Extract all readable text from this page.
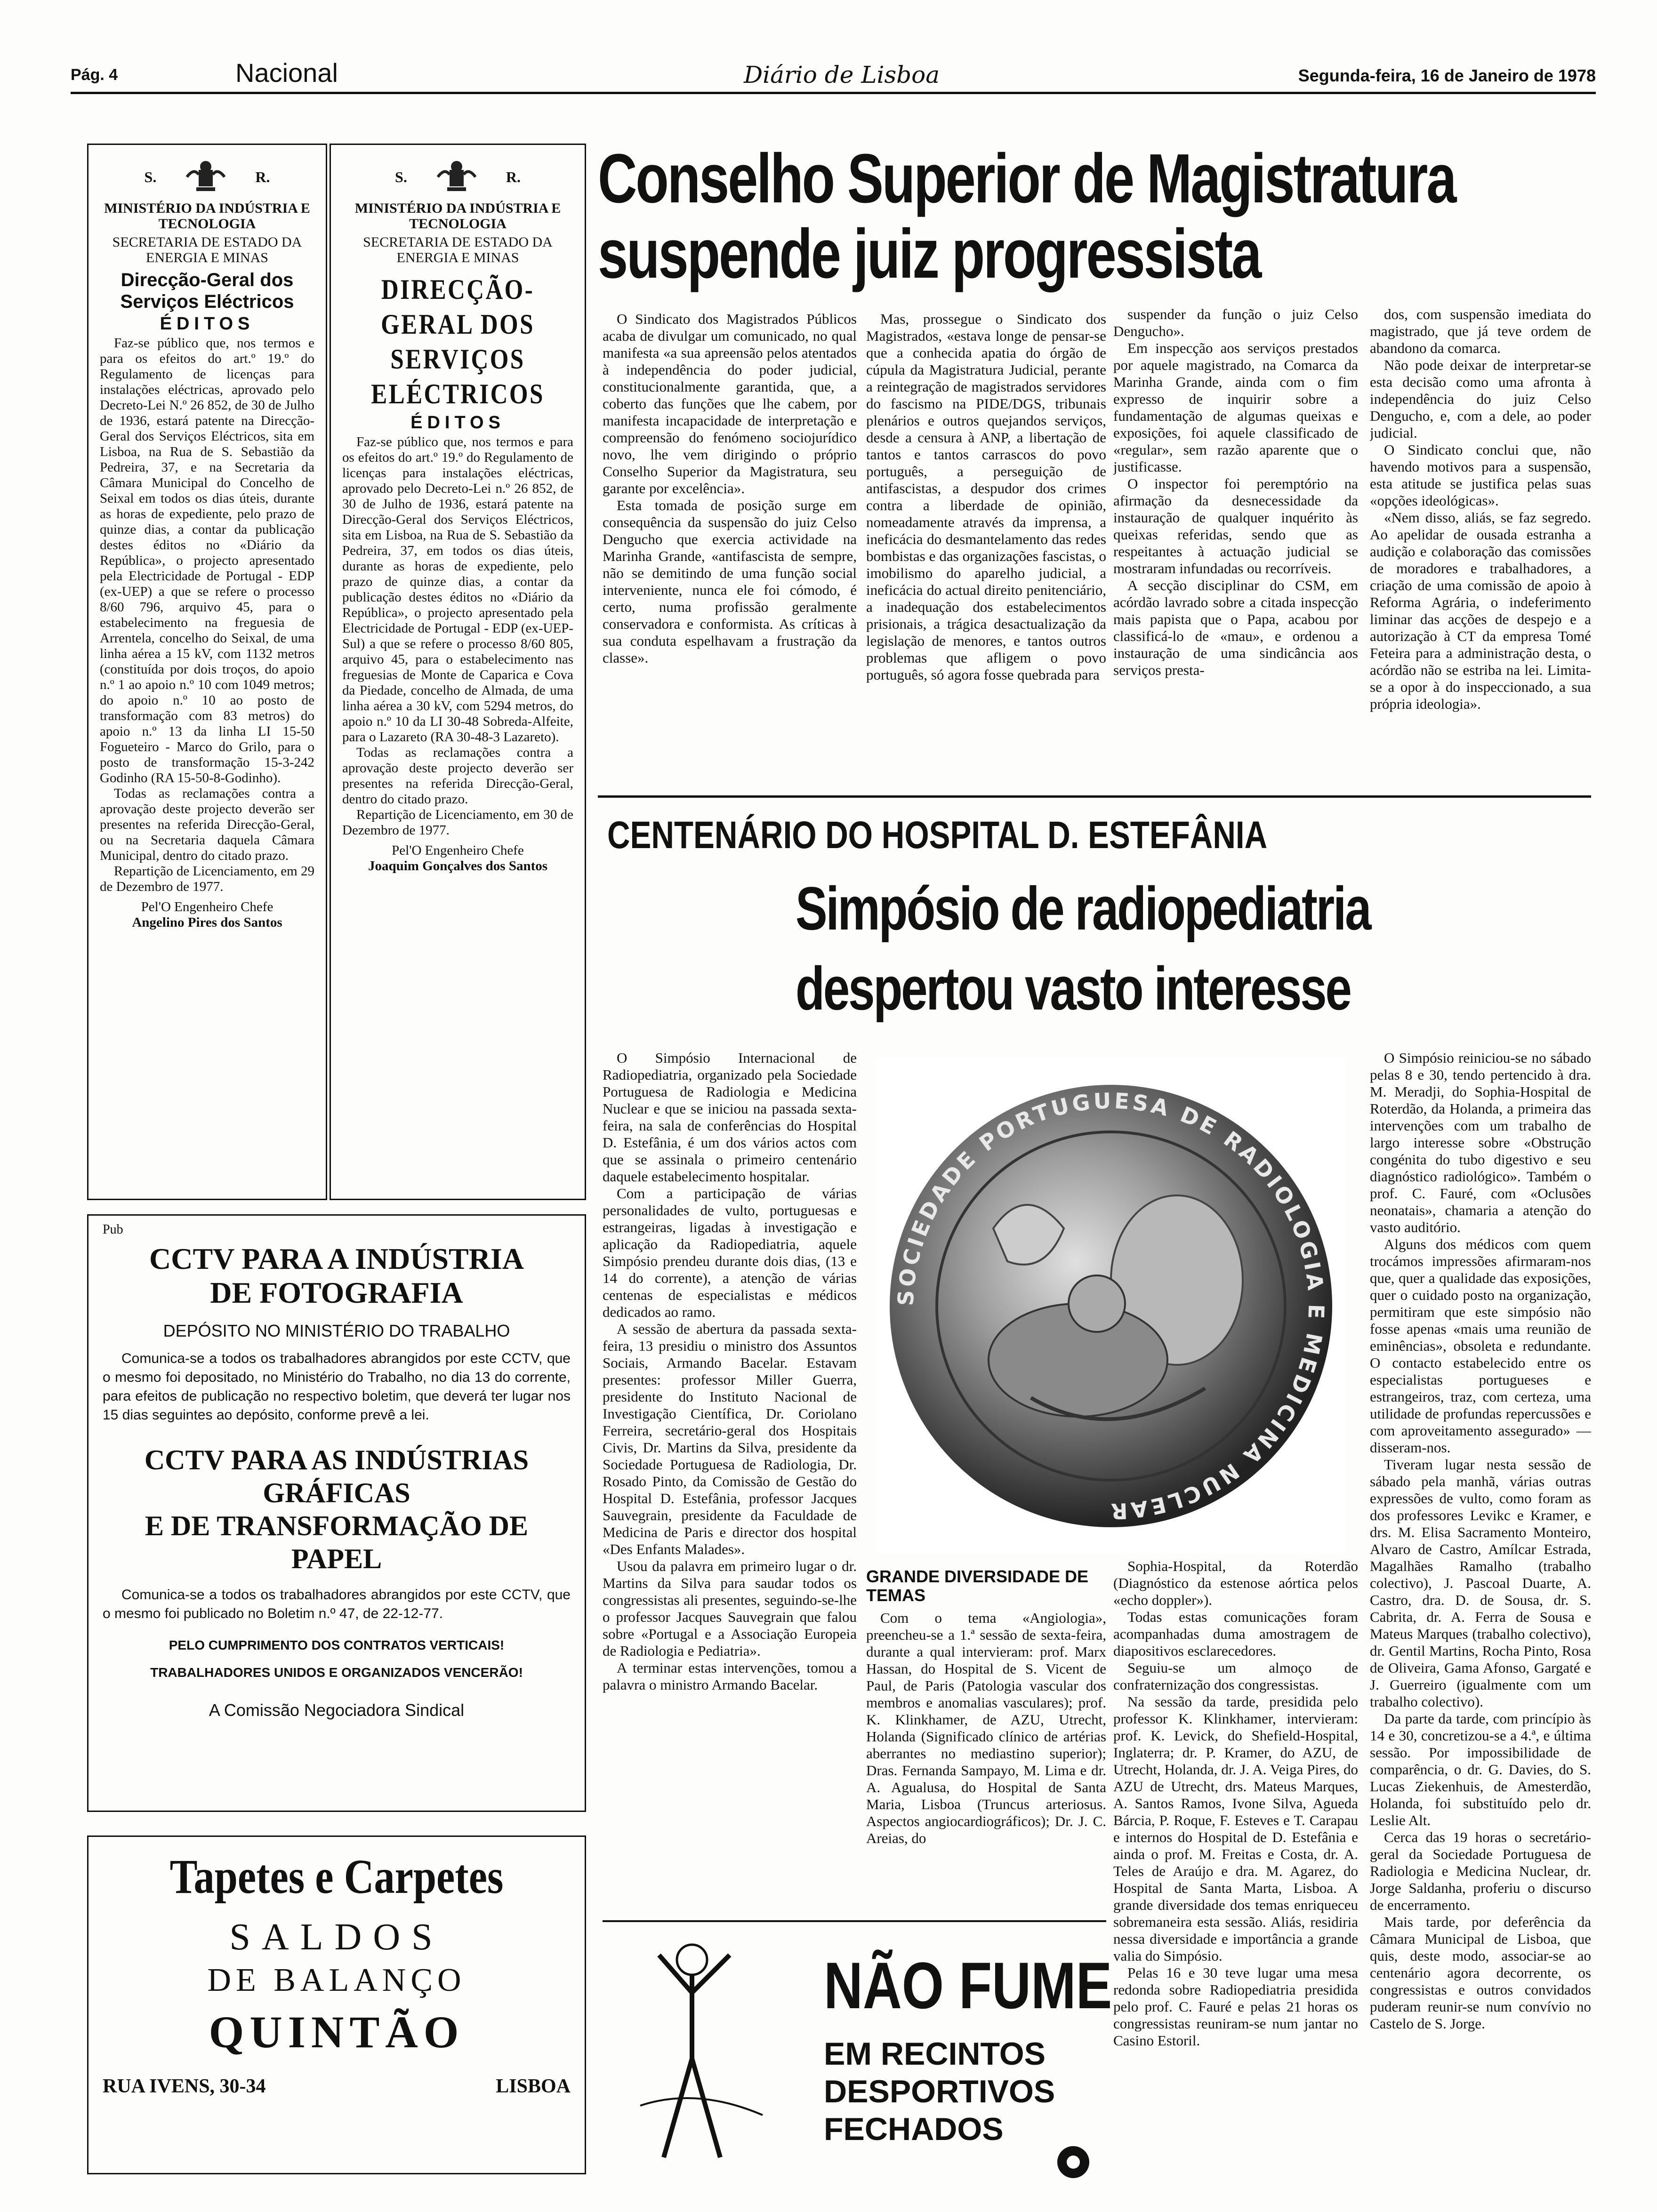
Pág. 4	Nacional	Diário de Lisboa	Segunda-feira, 16 de Janeiro de 1978
S.	R.
MINISTÉRIO DA INDÚSTRIA E TECNOLOGIA
SECRETARIA DE ESTADO DA ENERGIA E MINAS
Direcção-Geral dos Serviços Eléctricos
ÉDITOS

Faz-se público que, nos termos e para os efeitos do art.º 19.º do Regulamento de licenças para instalações eléctricas, aprovado pelo Decreto-Lei N.º 26 852, de 30 de Julho de 1936, estará patente na Direcção-Geral dos Serviços Eléctricos, sita em Lisboa, na Rua de S. Sebastião da Pedreira, 37, e na Secretaria da Câmara Municipal do Concelho de Seixal em todos os dias úteis, durante as horas de expediente, pelo prazo de quinze dias, a contar da publicação destes éditos no «Diário da República», o projecto apresentado pela Electricidade de Portugal - EDP (ex-UEP) a que se refere o processo 8/60 796, arquivo 45, para o estabelecimento na freguesia de Arrentela, concelho do Seixal, de uma linha aérea a 15 kV, com 1132 metros (constituída por dois troços, do apoio n.º 1 ao apoio n.º 10 com 1049 metros; do apoio n.º 10 ao posto de transformação com 83 metros) do apoio n.º 13 da linha LI 15-50 Fogueteiro - Marco do Grilo, para o posto de transformação 15-3-242 Godinho (RA 15-50-8-Godinho).

Todas as reclamações contra a aprovação deste projecto deverão ser presentes na referida Direcção-Geral, ou na Secretaria daquela Câmara Municipal, dentro do citado prazo.

Repartição de Licenciamento, em 29 de Dezembro de 1977.

Pel'O Engenheiro Chefe
Angelino Pires dos Santos
S.	R.
MINISTÉRIO DA INDÚSTRIA E TECNOLOGIA
SECRETARIA DE ESTADO DA ENERGIA E MINAS
DIRECÇÃO-GERAL DOS SERVIÇOS ELÉCTRICOS
ÉDITOS

Faz-se público que, nos termos e para os efeitos do art.º 19.º do Regulamento de licenças para instalações eléctricas, aprovado pelo Decreto-Lei n.º 26 852, de 30 de Julho de 1936, estará patente na Direcção-Geral dos Serviços Eléctricos, sita em Lisboa, na Rua de S. Sebastião da Pedreira, 37, em todos os dias úteis, durante as horas de expediente, pelo prazo de quinze dias, a contar da publicação destes éditos no «Diário da República», o projecto apresentado pela Electricidade de Portugal - EDP (ex-UEP-Sul) a que se refere o processo 8/60 805, arquivo 45, para o estabelecimento nas freguesias de Monte de Caparica e Cova da Piedade, concelho de Almada, de uma linha aérea a 30 kV, com 5294 metros, do apoio n.º 10 da LI 30-48 Sobreda-Alfeite, para o Lazareto (RA 30-48-3 Lazareto).

Todas as reclamações contra a aprovação deste projecto deverão ser presentes na referida Direcção-Geral, dentro do citado prazo.

Repartição de Licenciamento, em 30 de Dezembro de 1977.

Pel'O Engenheiro Chefe
Joaquim Gonçalves dos Santos
Pub
CCTV PARA A INDÚSTRIA
DE FOTOGRAFIA
DEPÓSITO NO MINISTÉRIO DO TRABALHO
Comunica-se a todos os trabalhadores abrangidos por este CCTV, que o mesmo foi depositado, no Ministério do Trabalho, no dia 13 do corrente, para efeitos de publicação no respectivo boletim, que deverá ter lugar nos 15 dias seguintes ao depósito, conforme prevê a lei.
CCTV PARA AS INDÚSTRIAS GRÁFICAS
E DE TRANSFORMAÇÃO DE PAPEL
Comunica-se a todos os trabalhadores abrangidos por este CCTV, que o mesmo foi publicado no Boletim n.º 47, de 22-12-77.
PELO CUMPRIMENTO DOS CONTRATOS VERTICAIS!
TRABALHADORES UNIDOS E ORGANIZADOS VENCERÃO!
A Comissão Negociadora Sindical
Tapetes e Carpetes
SALDOS
DE BALANÇO
QUINTÃO
RUA IVENS, 30-34	LISBOA
Conselho Superior de Magistratura
suspende juiz progressista

O Sindicato dos Magistrados Públicos acaba de divulgar um comunicado, no qual manifesta «a sua apreensão pelos atentados à independência do poder judicial, constitucionalmente garantida, que, a coberto das funções que lhe cabem, por manifesta incapacidade de interpretação e compreensão do fenómeno sociojurídico novo, lhe vem dirigindo o próprio Conselho Superior da Magistratura, seu garante por excelência».

Esta tomada de posição surge em consequência da suspensão do juiz Celso Dengucho que exercia actividade na Marinha Grande, «antifascista de sempre, não se demitindo de uma função social interveniente, nunca ele foi cómodo, é certo, numa profissão geralmente conservadora e conformista. As críticas à sua conduta espelhavam a frustração da classe».

Mas, prossegue o Sindicato dos Magistrados, «estava longe de pensar-se que a conhecida apatia do órgão de cúpula da Magistratura Judicial, perante a reintegração de magistrados servidores do fascismo na PIDE/DGS, tribunais plenários e outros quejandos serviços, desde a censura à ANP, a libertação de tantos e tantos carrascos do povo português, a perseguição de antifascistas, a despudor dos crimes contra a liberdade de opinião, nomeadamente através da imprensa, a ineficácia do desmantelamento das redes bombistas e das organizações fascistas, o imobilismo do aparelho judicial, a ineficácia do actual direito penitenciário, a inadequação dos estabelecimentos prisionais, a trágica desactualização da legislação de menores, e tantos outros problemas que afligem o povo português, só agora fosse quebrada para

suspender da função o juiz Celso Dengucho».

Em inspecção aos serviços prestados por aquele magistrado, na Comarca da Marinha Grande, ainda com o fim expresso de inquirir sobre a fundamentação de algumas queixas e exposições, foi aquele classificado de «regular», sem razão aparente que o justificasse.

O inspector foi peremptório na afirmação da desnecessidade da instauração de qualquer inquérito às queixas referidas, sendo que as respeitantes à actuação judicial se mostraram infundadas ou recorríveis.

A secção disciplinar do CSM, em acórdão lavrado sobre a citada inspecção mais papista que o Papa, acabou por classificá-lo de «mau», e ordenou a instauração de uma sindicância aos serviços presta-

dos, com suspensão imediata do magistrado, que já teve ordem de abandono da comarca.

Não pode deixar de interpretar-se esta decisão como uma afronta à independência do juiz Celso Dengucho, e, com a dele, ao poder judicial.

O Sindicato conclui que, não havendo motivos para a suspensão, esta atitude se justifica pelas suas «opções ideológicas».

«Nem disso, aliás, se faz segredo. Ao apelidar de ousada estranha a audição e colaboração das comissões de moradores e trabalhadores, a criação de uma comissão de apoio à Reforma Agrária, o indeferimento liminar das acções de despejo e a autorização à CT da empresa Tomé Feteira para a administração desta, o acórdão não se estriba na lei. Limita-se a opor à do inspeccionado, a sua própria ideologia».

CENTENÁRIO DO HOSPITAL D. ESTEFÂNIA
Simpósio de radiopediatria
despertou vasto interesse

O Simpósio Internacional de Radiopediatria, organizado pela Sociedade Portuguesa de Radiologia e Medicina Nuclear e que se iniciou na passada sexta-feira, na sala de conferências do Hospital D. Estefânia, é um dos vários actos com que se assinala o primeiro centenário daquele estabelecimento hospitalar.

Com a participação de várias personalidades de vulto, portuguesas e estrangeiras, ligadas à investigação e aplicação da Radiopediatria, aquele Simpósio prendeu durante dois dias, (13 e 14 do corrente), a atenção de várias centenas de especialistas e médicos dedicados ao ramo.

A sessão de abertura da passada sexta-feira, 13 presidiu o ministro dos Assuntos Sociais, Armando Bacelar. Estavam presentes: professor Miller Guerra, presidente do Instituto Nacional de Investigação Científica, Dr. Coriolano Ferreira, secretário-geral dos Hospitais Civis, Dr. Martins da Silva, presidente da Sociedade Portuguesa de Radiologia, Dr. Rosado Pinto, da Comissão de Gestão do Hospital D. Estefânia, professor Jacques Sauvegrain, presidente da Faculdade de Medicina de Paris e director dos hospital «Des Enfants Malades».

Usou da palavra em primeiro lugar o dr. Martins da Silva para saudar todos os congressistas ali presentes, seguindo-se-lhe o professor Jacques Sauvegrain que falou sobre «Portugal e a Associação Europeia de Radiologia e Pediatria».

A terminar estas intervenções, tomou a palavra o ministro Armando Bacelar.

SOCIEDADE PORTUGUESA DE RADIOLOGIA E MEDICINA NUCLEAR
GRANDE DIVERSIDADE DE TEMAS

Com o tema «Angiologia», preencheu-se a 1.ª sessão de sexta-feira, durante a qual intervieram: prof. Marx Hassan, do Hospital de S. Vicent de Paul, de Paris (Patologia vascular dos membros e anomalias vasculares); prof. K. Klinkhamer, de AZU, Utrecht, Holanda (Significado clínico de artérias aberrantes no mediastino superior); Dras. Fernanda Sampayo, M. Lima e dr. A. Agualusa, do Hospital de Santa Maria, Lisboa (Truncus arteriosus. Aspectos angiocardiográficos); Dr. J. C. Areias, do

Sophia-Hospital, da Roterdão (Diagnóstico da estenose aórtica pelos «echo doppler»).

Todas estas comunicações foram acompanhadas duma amostragem de diapositivos esclarecedores.

Seguiu-se um almoço de confraternização dos congressistas.

Na sessão da tarde, presidida pelo professor K. Klinkhamer, intervieram: prof. K. Levick, do Shefield-Hospital, Inglaterra; dr. P. Kramer, do AZU, de Utrecht, Holanda, dr. J. A. Veiga Pires, do AZU de Utrecht, drs. Mateus Marques, A. Santos Ramos, Ivone Silva, Agueda Bárcia, P. Roque, F. Esteves e T. Carapau e internos do Hospital de D. Estefânia e ainda o prof. M. Freitas e Costa, dr. A. Teles de Araújo e dra. M. Agarez, do Hospital de Santa Marta, Lisboa. A grande diversidade dos temas enriqueceu sobremaneira esta sessão. Aliás, residiria nessa diversidade e importância a grande valia do Simpósio.

Pelas 16 e 30 teve lugar uma mesa redonda sobre Radiopediatria presidida pelo prof. C. Fauré e pelas 21 horas os congressistas reuniram-se num jantar no Casino Estoril.

O Simpósio reiniciou-se no sábado pelas 8 e 30, tendo pertencido à dra. M. Meradji, do Sophia-Hospital de Roterdão, da Holanda, a primeira das intervenções com um trabalho de largo interesse sobre «Obstrução congénita do tubo digestivo e seu diagnóstico radiológico». Também o prof. C. Fauré, com «Oclusões neonatais», chamaria a atenção do vasto auditório.

Alguns dos médicos com quem trocámos impressões afirmaram-nos que, quer a qualidade das exposições, quer o cuidado posto na organização, permitiram que este simpósio não fosse apenas «mais uma reunião de eminências», obsoleta e redundante. O contacto estabelecido entre os especialistas portugueses e estrangeiros, traz, com certeza, uma utilidade de profundas repercussões e com aproveitamento assegurado» — disseram-nos.

Tiveram lugar nesta sessão de sábado pela manhã, várias outras expressões de vulto, como foram as dos professores Levikc e Kramer, e drs. M. Elisa Sacramento Monteiro, Alvaro de Castro, Amílcar Estrada, Magalhães Ramalho (trabalho colectivo), J. Pascoal Duarte, A. Castro, dra. D. de Sousa, dr. S. Cabrita, dr. A. Ferra de Sousa e Mateus Marques (trabalho colectivo), dr. Gentil Martins, Rocha Pinto, Rosa de Oliveira, Gama Afonso, Gargaté e J. Guerreiro (igualmente com um trabalho colectivo).

Da parte da tarde, com princípio às 14 e 30, concretizou-se a 4.ª, e última sessão. Por impossibilidade de comparência, o dr. G. Davies, do S. Lucas Ziekenhuis, de Amesterdão, Holanda, foi substituído pelo dr. Leslie Alt.

Cerca das 19 horas o secretário-geral da Sociedade Portuguesa de Radiologia e Medicina Nuclear, dr. Jorge Saldanha, proferiu o discurso de encerramento.

Mais tarde, por deferência da Câmara Municipal de Lisboa, que quis, deste modo, associar-se ao centenário agora decorrente, os congressistas e outros convidados puderam reunir-se num convívio no Castelo de S. Jorge.

NÃO FUME
EM RECINTOS
DESPORTIVOS
FECHADOS
